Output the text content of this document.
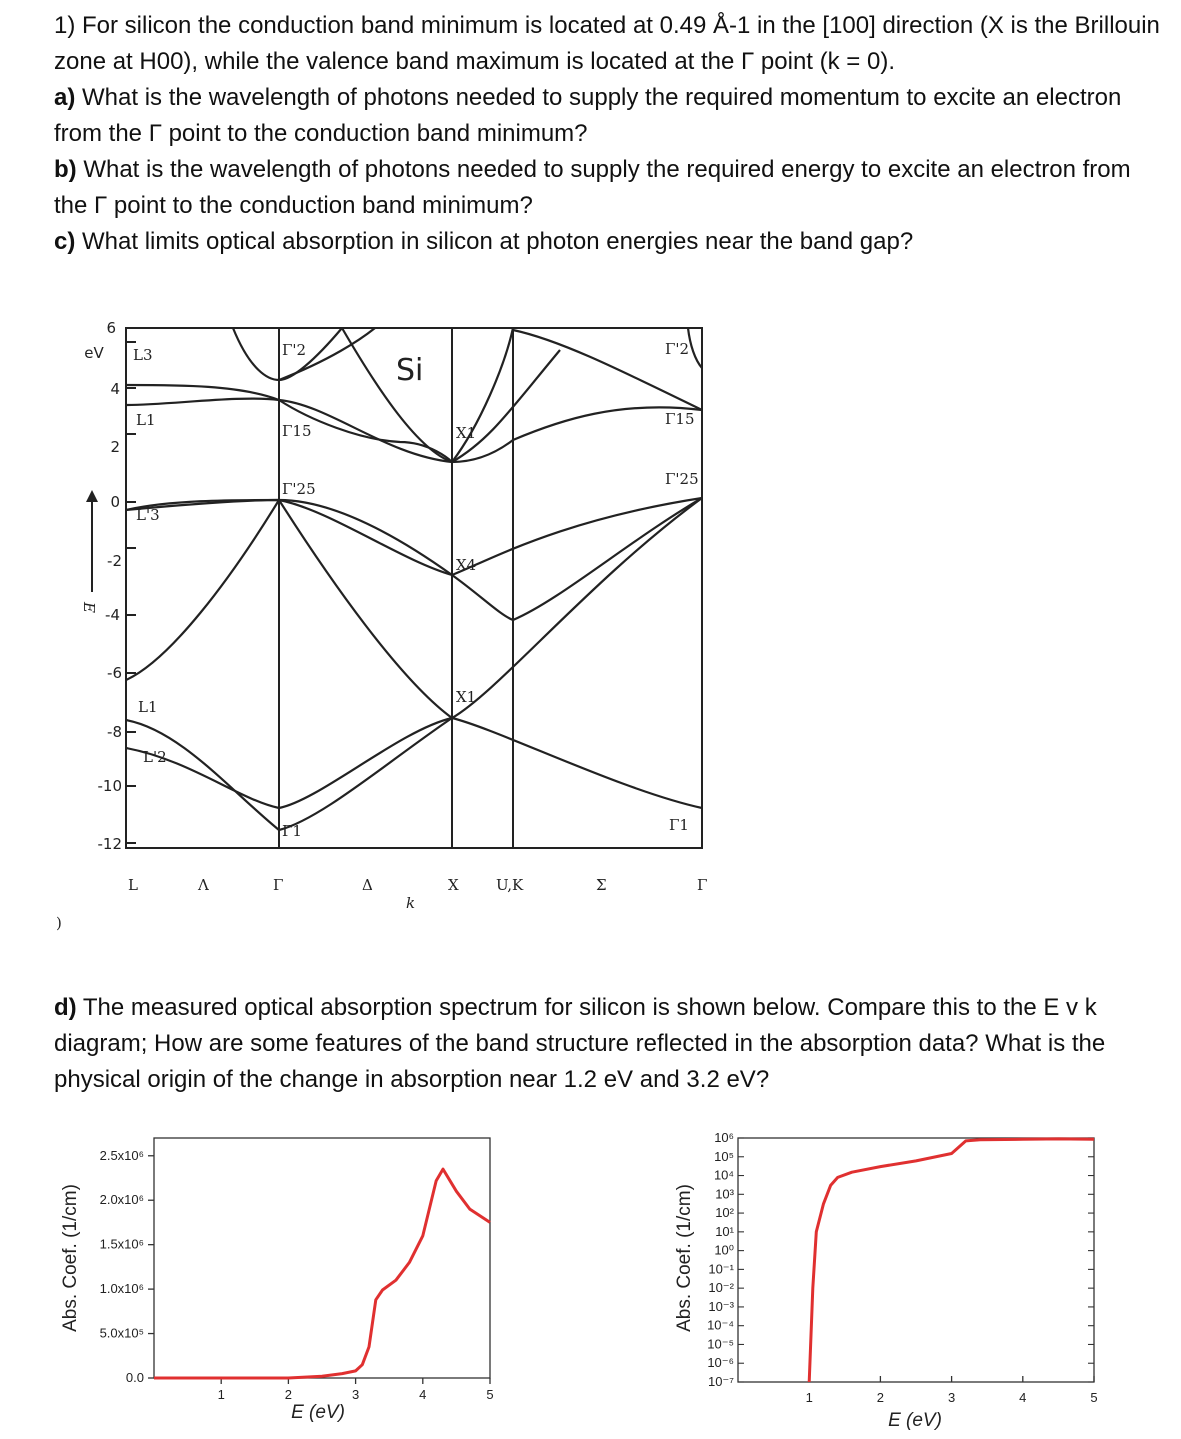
1) For silicon the conduction band minimum is located at 0.49 Å-1 in the [100] direction (X is the Brillouin zone at H00), while the valence band maximum is located at the Γ point (k = 0).
a) What is the wavelength of photons needed to supply the required momentum to excite an electron from the Γ point to the conduction band minimum?
b) What is the wavelength of photons needed to supply the required energy to excite an electron from the Γ point to the conduction band minimum?
c) What limits optical absorption in silicon at photon energies near the band gap?
d) The measured optical absorption spectrum for silicon is shown below. Compare this to the E v k diagram; How are some features of the band structure reflected in the absorption data? What is the physical origin of the change in absorption near 1.2 eV and 3.2 eV?
6
eV
4
2
0
-2
-4
-6
-8
-10
-12
E
Si
L3
L1
L'3
L1
L'2
Γ'2
Γ15
Γ'25
Γ1
X1
X4
X1
Γ'2
Γ15
Γ'25
Γ1
L	Λ	Γ	Δ	X U,K	Σ	Γ
k
)
1	2	3	4	5
0.0
5.0x10⁵
1.0x10⁶
1.5x10⁶
2.0x10⁶
2.5x10⁶
E (eV)
Abs. Coef. (1/cm)
1	2	3	4	5
10⁶
10⁵
10⁴
10³
10²
10¹
10⁰
10⁻¹
10⁻²
10⁻³
10⁻⁴
10⁻⁵
10⁻⁶
10⁻⁷
E (eV)
Abs. Coef. (1/cm)
